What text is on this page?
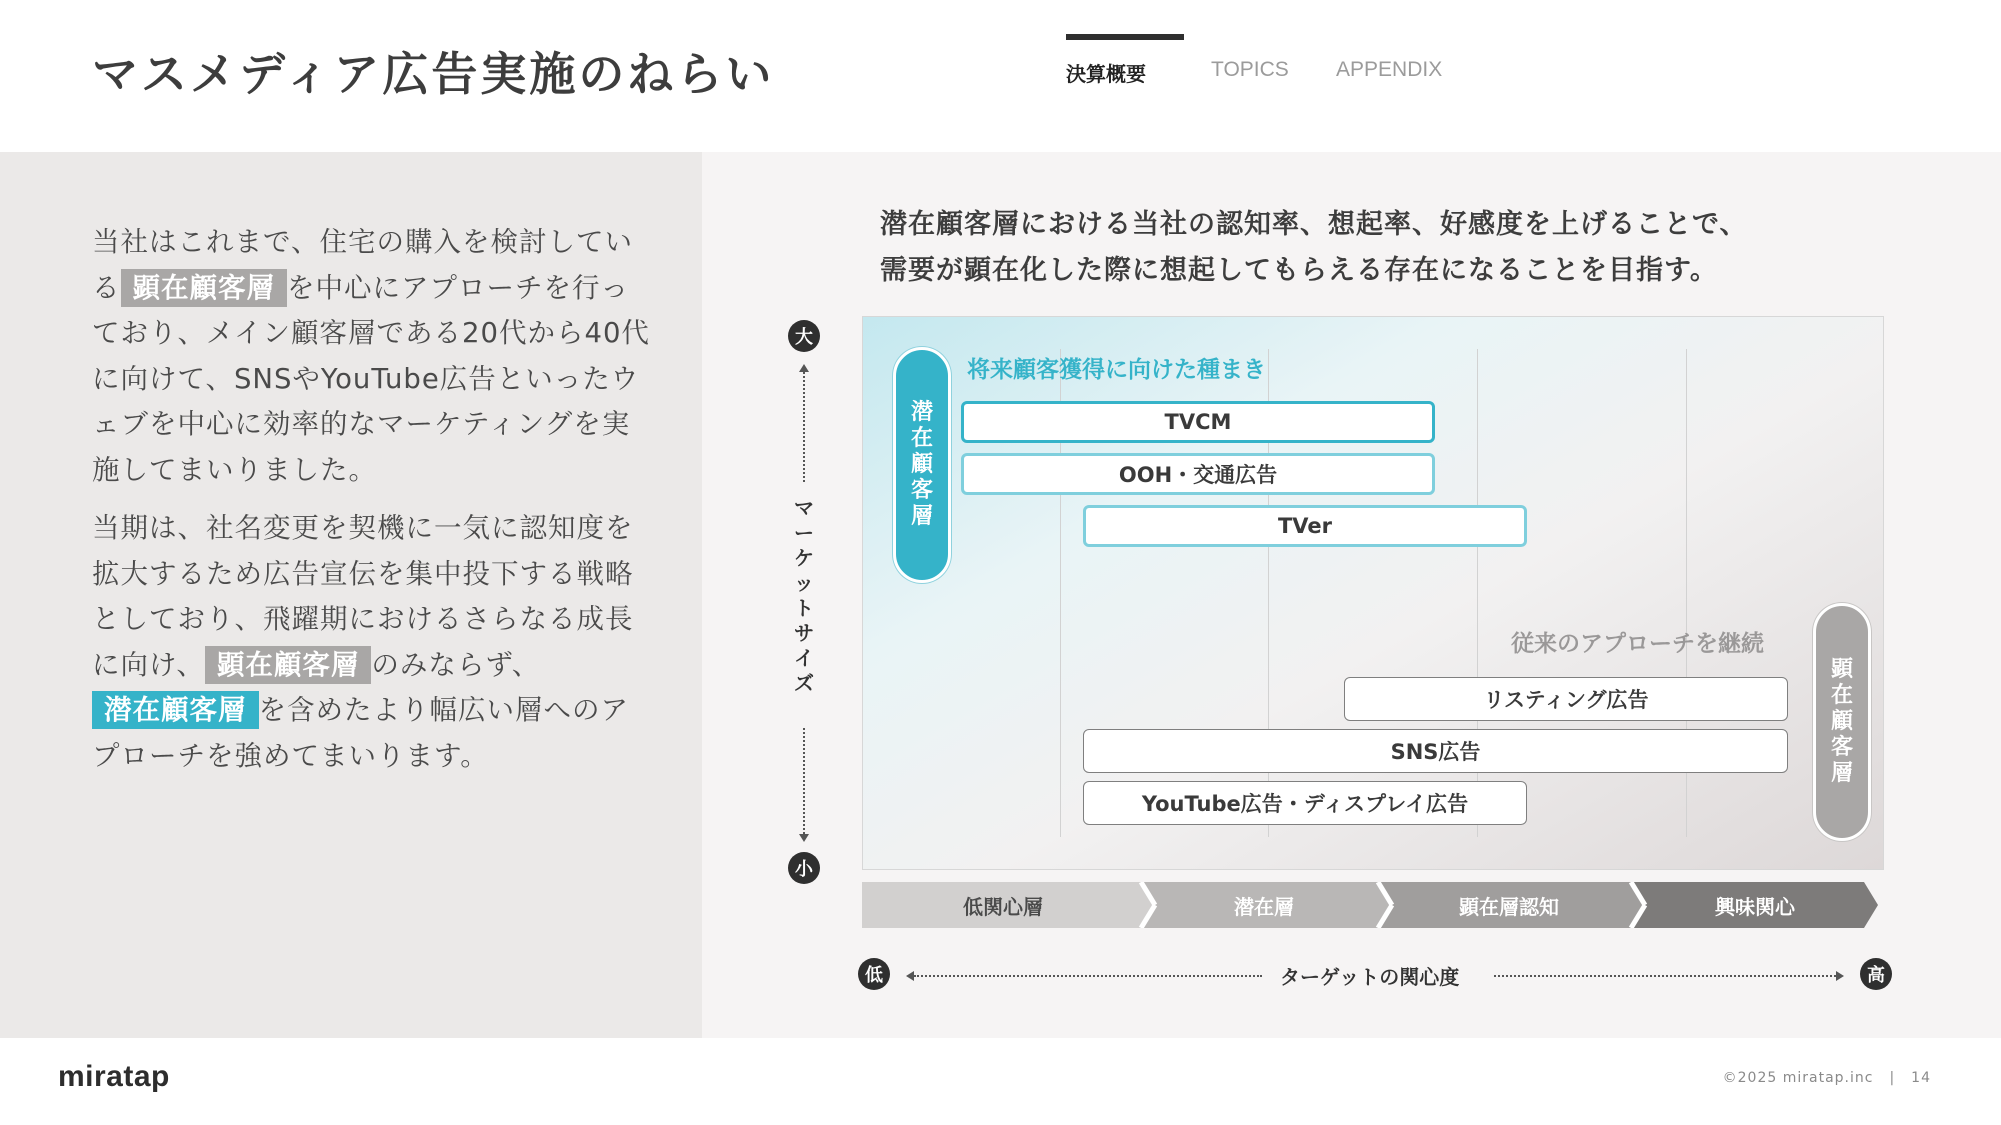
マスメディア広告実施のねらい	決算概要	TOPICS APPENDIX
当社はこれまで、住宅の購入を検討している 顕在顧客層 を中心にアプローチを行っており、メイン顧客層である20代から40代に向けて、SNSやYouTube広告といったウェブを中心に効率的なマーケティングを実施してまいりました。
当期は、社名変更を契機に一気に認知度を拡大するため広告宣伝を集中投下する戦略としており、飛躍期におけるさらなる成長に向け、 顕在顧客層 のみならず、潜在顧客層 を含めたより幅広い層へのアプローチを強めてまいります。
潜在顧客層における当社の認知率、想起率、好感度を上げることで、
需要が顕在化した際に想起してもらえる存在になることを目指す。
大
マ
ー
ケ
ッ
ト
サ
イ
ズ
小
潜
在
顧
客
層
顕
在
顧
客
層
将来顧客獲得に向けた種まき
従来のアプローチを継続
TVCM
OOH・交通広告
TVer
リスティング広告
SNS広告
YouTube広告・ディスプレイ広告
低関心層	潜在層	顕在層認知	興味関心
低	ターゲットの関心度	高
miratap	©2025 miratap.inc | 14
